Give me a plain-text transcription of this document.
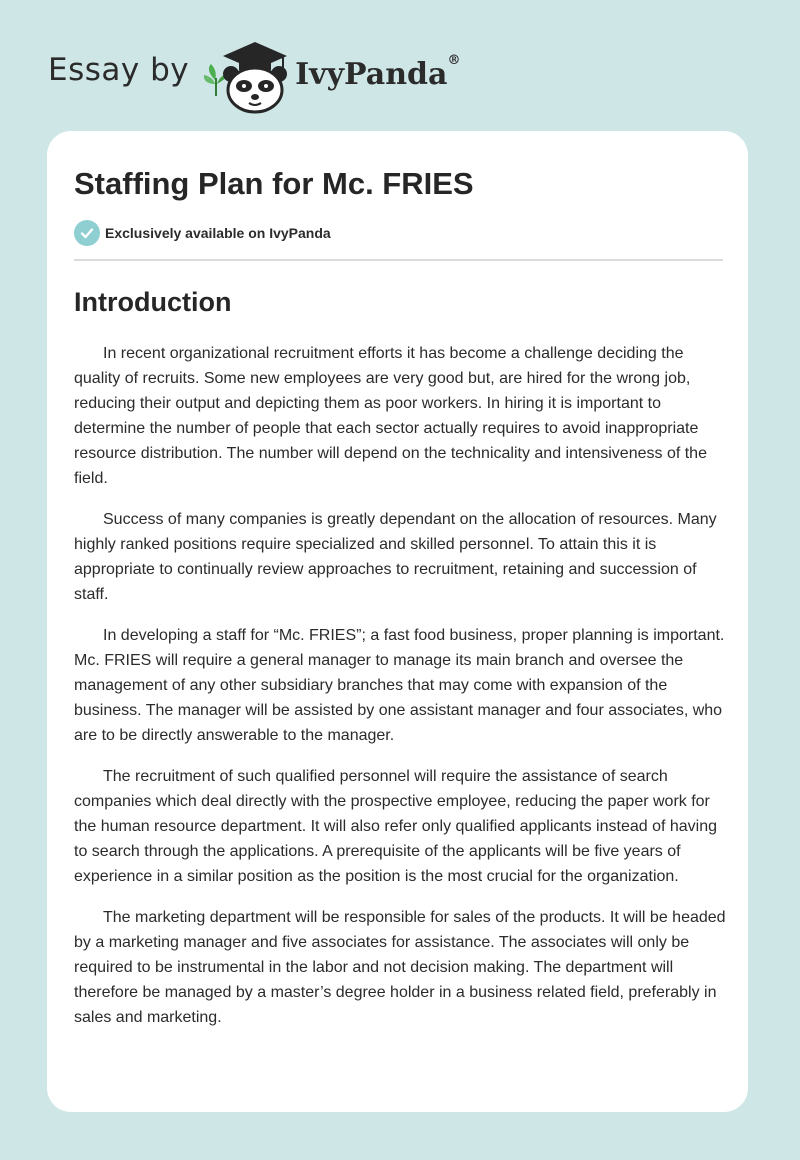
Essay by	IvyPanda ®
Staffing Plan for Mc. FRIES
Exclusively available on IvyPanda
Introduction

In recent organizational recruitment efforts it has become a challenge deciding the quality of recruits. Some new employees are very good but, are hired for the wrong job, reducing their output and depicting them as poor workers. In hiring it is important to determine the number of people that each sector actually requires to avoid inappropriate resource distribution. The number will depend on the technicality and intensiveness of the field.

Success of many companies is greatly dependant on the allocation of resources. Many highly ranked positions require specialized and skilled personnel. To attain this it is appropriate to continually review approaches to recruitment, retaining and succession of staff.

In developing a staff for “Mc. FRIES”; a fast food business, proper planning is important. Mc. FRIES will require a general manager to manage its main branch and oversee the management of any other subsidiary branches that may come with expansion of the business. The manager will be assisted by one assistant manager and four associates, who are to be directly answerable to the manager.

The recruitment of such qualified personnel will require the assistance of search companies which deal directly with the prospective employee, reducing the paper work for the human resource department. It will also refer only qualified applicants instead of having to search through the applications. A prerequisite of the applicants will be five years of experience in a similar position as the position is the most crucial for the organization.

The marketing department will be responsible for sales of the products. It will be headed by a marketing manager and five associates for assistance. The associates will only be required to be instrumental in the labor and not decision making. The department will therefore be managed by a master’s degree holder in a business related field, preferably in sales and marketing.
